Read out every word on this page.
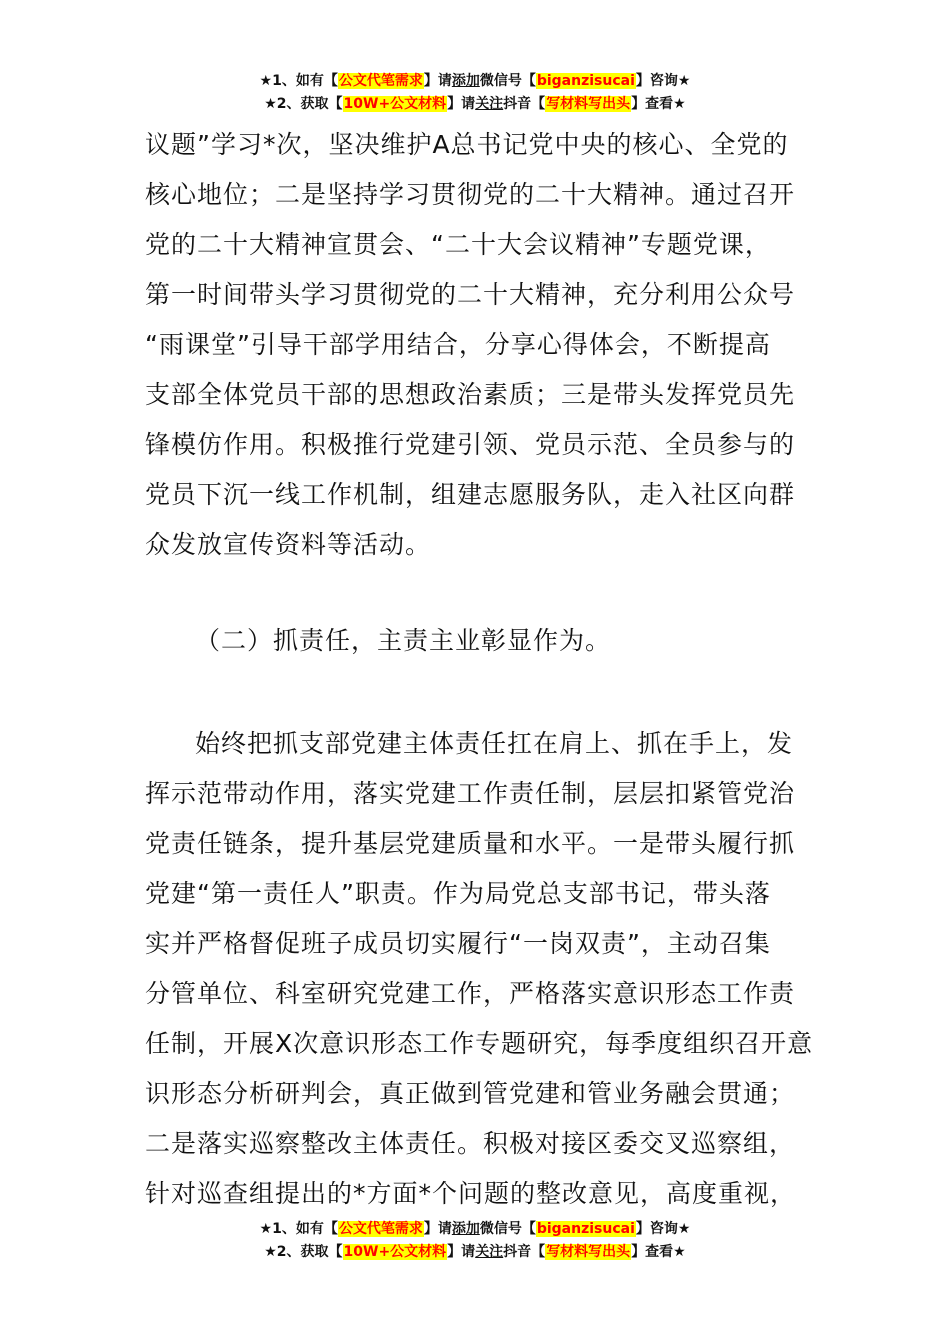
★1、如有【公文代笔需求】请添加微信号【biganzisucai】咨询★
★2、获取【10W+公文材料】请关注抖音【写材料写出头】查看★
议题”学习*次，坚决维护A总书记党中央的核心、全党的
核心地位；二是坚持学习贯彻党的二十大精神。通过召开
党的二十大精神宣贯会、“二十大会议精神”专题党课，
第一时间带头学习贯彻党的二十大精神，充分利用公众号
“雨课堂”引导干部学用结合，分享心得体会，不断提高
支部全体党员干部的思想政治素质；三是带头发挥党员先
锋模仿作用。积极推行党建引领、党员示范、全员参与的
党员下沉一线工作机制，组建志愿服务队，走入社区向群
众发放宣传资料等活动。
（二）抓责任，主责主业彰显作为。
始终把抓支部党建主体责任扛在肩上、抓在手上，发
挥示范带动作用，落实党建工作责任制，层层扣紧管党治
党责任链条，提升基层党建质量和水平。一是带头履行抓
党建“第一责任人”职责。作为局党总支部书记，带头落
实并严格督促班子成员切实履行“一岗双责”，主动召集
分管单位、科室研究党建工作，严格落实意识形态工作责
任制，开展X次意识形态工作专题研究，每季度组织召开意
识形态分析研判会，真正做到管党建和管业务融会贯通；
二是落实巡察整改主体责任。积极对接区委交叉巡察组，
针对巡查组提出的*方面*个问题的整改意见，高度重视，
★1、如有【公文代笔需求】请添加微信号【biganzisucai】咨询★
★2、获取【10W+公文材料】请关注抖音【写材料写出头】查看★
